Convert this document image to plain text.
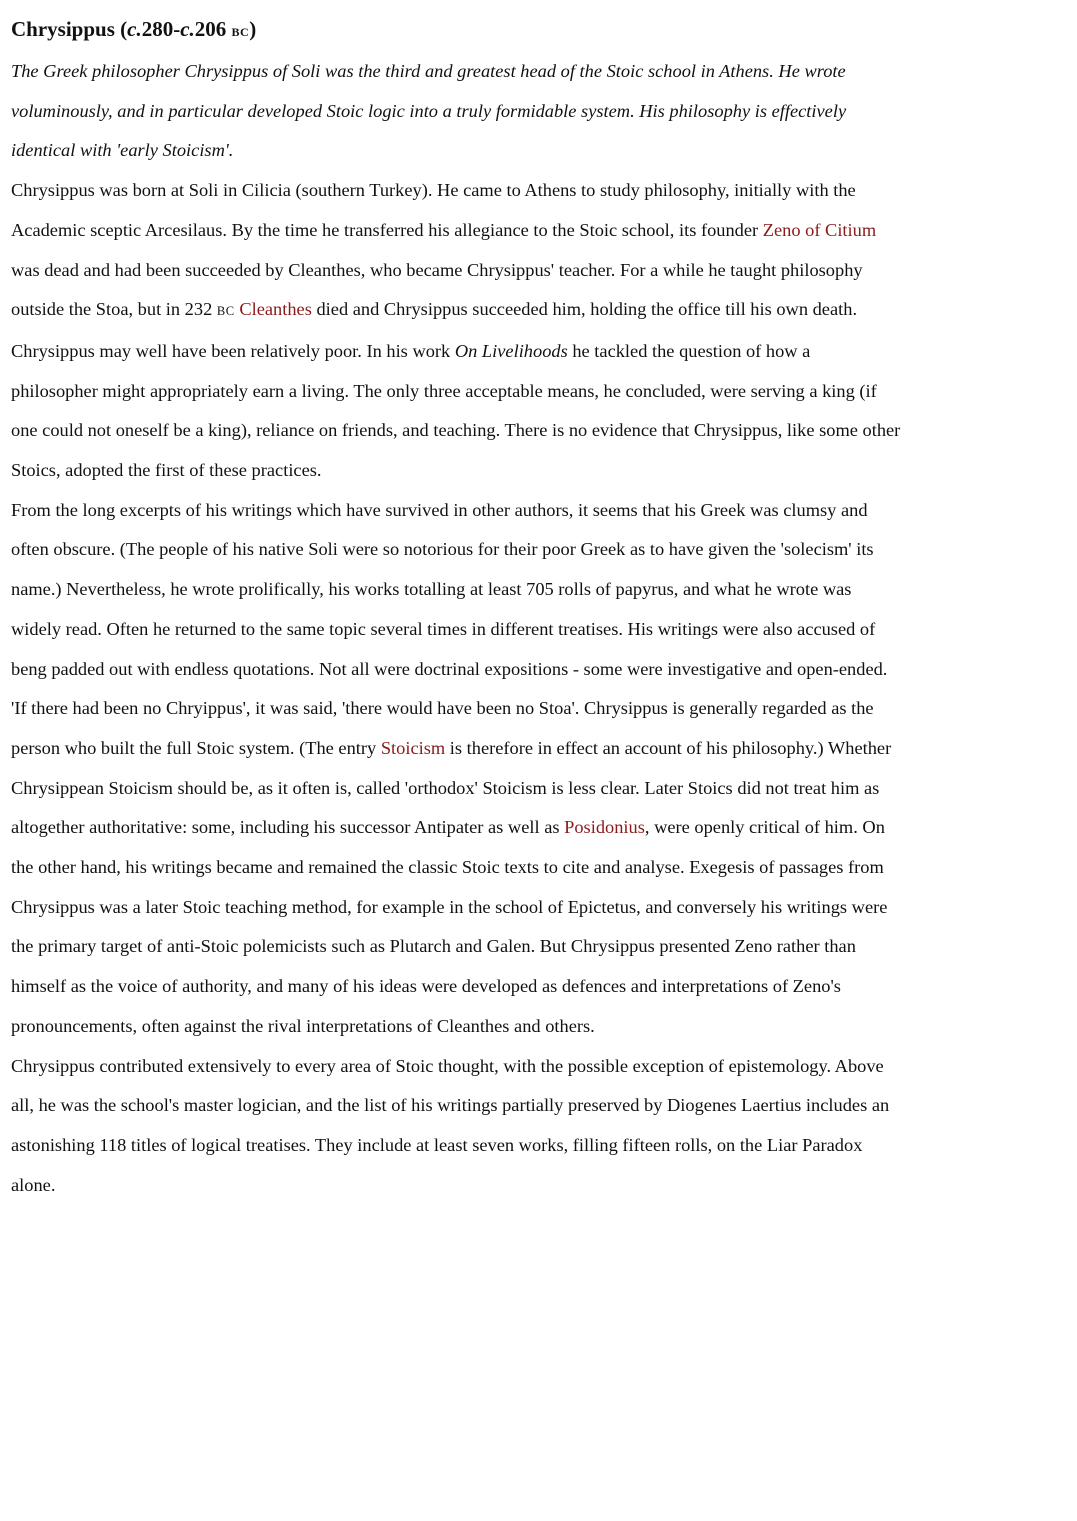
Chrysippus (c.280-c.206 BC)

The Greek philosopher Chrysippus of Soli was the third and greatest head of the Stoic school in Athens. He wrote voluminously, and in particular developed Stoic logic into a truly formidable system. His philosophy is effectively identical with 'early Stoicism'.

Chrysippus was born at Soli in Cilicia (southern Turkey). He came to Athens to study philosophy, initially with the Academic sceptic Arcesilaus. By the time he transferred his allegiance to the Stoic school, its founder Zeno of Citium was dead and had been succeeded by Cleanthes, who became Chrysippus' teacher. For a while he taught philosophy outside the Stoa, but in 232 BC Cleanthes died and Chrysippus succeeded him, holding the office till his own death.

Chrysippus may well have been relatively poor. In his work On Livelihoods he tackled the question of how a philosopher might appropriately earn a living. The only three acceptable means, he concluded, were serving a king (if one could not oneself be a king), reliance on friends, and teaching. There is no evidence that Chrysippus, like some other Stoics, adopted the first of these practices.

From the long excerpts of his writings which have survived in other authors, it seems that his Greek was clumsy and often obscure. (The people of his native Soli were so notorious for their poor Greek as to have given the 'solecism' its name.) Nevertheless, he wrote prolifically, his works totalling at least 705 rolls of papyrus, and what he wrote was widely read. Often he returned to the same topic several times in different treatises. His writings were also accused of beng padded out with endless quotations. Not all were doctrinal expositions - some were investigative and open-ended.

'If there had been no Chryippus', it was said, 'there would have been no Stoa'. Chrysippus is generally regarded as the person who built the full Stoic system. (The entry Stoicism is therefore in effect an account of his philosophy.) Whether Chrysippean Stoicism should be, as it often is, called 'orthodox' Stoicism is less clear. Later Stoics did not treat him as altogether authoritative: some, including his successor Antipater as well as Posidonius, were openly critical of him. On the other hand, his writings became and remained the classic Stoic texts to cite and analyse. Exegesis of passages from Chrysippus was a later Stoic teaching method, for example in the school of Epictetus, and conversely his writings were the primary target of anti-Stoic polemicists such as Plutarch and Galen. But Chrysippus presented Zeno rather than himself as the voice of authority, and many of his ideas were developed as defences and interpretations of Zeno's pronouncements, often against the rival interpretations of Cleanthes and others.

Chrysippus contributed extensively to every area of Stoic thought, with the possible exception of epistemology. Above all, he was the school's master logician, and the list of his writings partially preserved by Diogenes Laertius includes an astonishing 118 titles of logical treatises. They include at least seven works, filling fifteen rolls, on the Liar Paradox alone.
